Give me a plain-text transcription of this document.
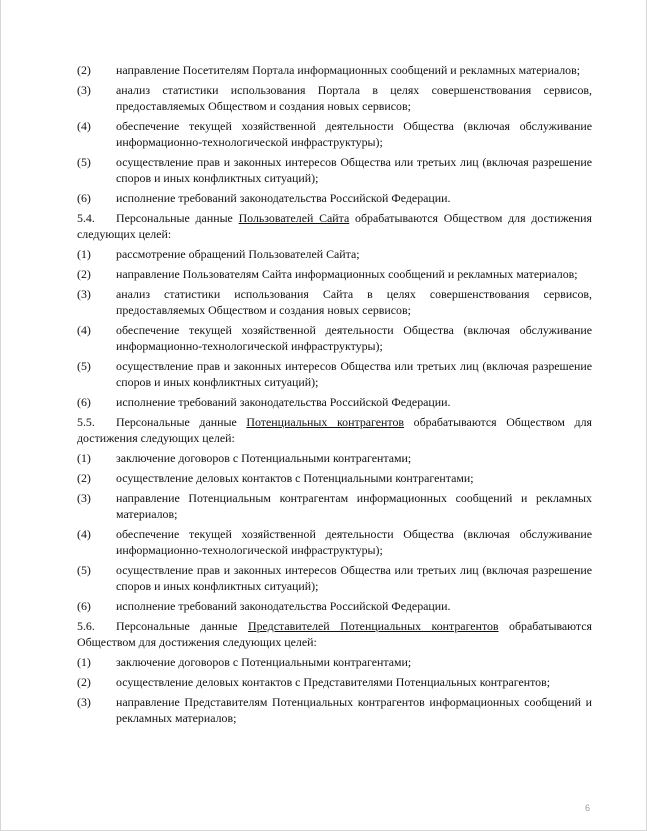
(2)	направление Посетителям Портала информационных сообщений и рекламных материалов;
(3)	анализ статистики использования Портала в целях совершенствования сервисов, предоставляемых Обществом и создания новых сервисов;
(4)	обеспечение текущей хозяйственной деятельности Общества (включая обслуживание информационно-технологической инфраструктуры);
(5)	осуществление прав и законных интересов Общества или третьих лиц (включая разрешение споров и иных конфликтных ситуаций);
(6)	исполнение требований законодательства Российской Федерации.
5.4. Персональные данные Пользователей Сайта обрабатываются Обществом для достижения следующих целей:
(1)	рассмотрение обращений Пользователей Сайта;
(2)	направление Пользователям Сайта информационных сообщений и рекламных материалов;
(3)	анализ статистики использования Сайта в целях совершенствования сервисов, предоставляемых Обществом и создания новых сервисов;
(4)	обеспечение текущей хозяйственной деятельности Общества (включая обслуживание информационно-технологической инфраструктуры);
(5)	осуществление прав и законных интересов Общества или третьих лиц (включая разрешение споров и иных конфликтных ситуаций);
(6)	исполнение требований законодательства Российской Федерации.
5.5. Персональные данные Потенциальных контрагентов обрабатываются Обществом для достижения следующих целей:
(1)	заключение договоров с Потенциальными контрагентами;
(2)	осуществление деловых контактов с Потенциальными контрагентами;
(3)	направление Потенциальным контрагентам информационных сообщений и рекламных материалов;
(4)	обеспечение текущей хозяйственной деятельности Общества (включая обслуживание информационно-технологической инфраструктуры);
(5)	осуществление прав и законных интересов Общества или третьих лиц (включая разрешение споров и иных конфликтных ситуаций);
(6)	исполнение требований законодательства Российской Федерации.
5.6. Персональные данные Представителей Потенциальных контрагентов обрабатываются Обществом для достижения следующих целей:
(1)	заключение договоров с Потенциальными контрагентами;
(2)	осуществление деловых контактов с Представителями Потенциальных контрагентов;
(3)	направление Представителям Потенциальных контрагентов информационных сообщений и рекламных материалов;
6
